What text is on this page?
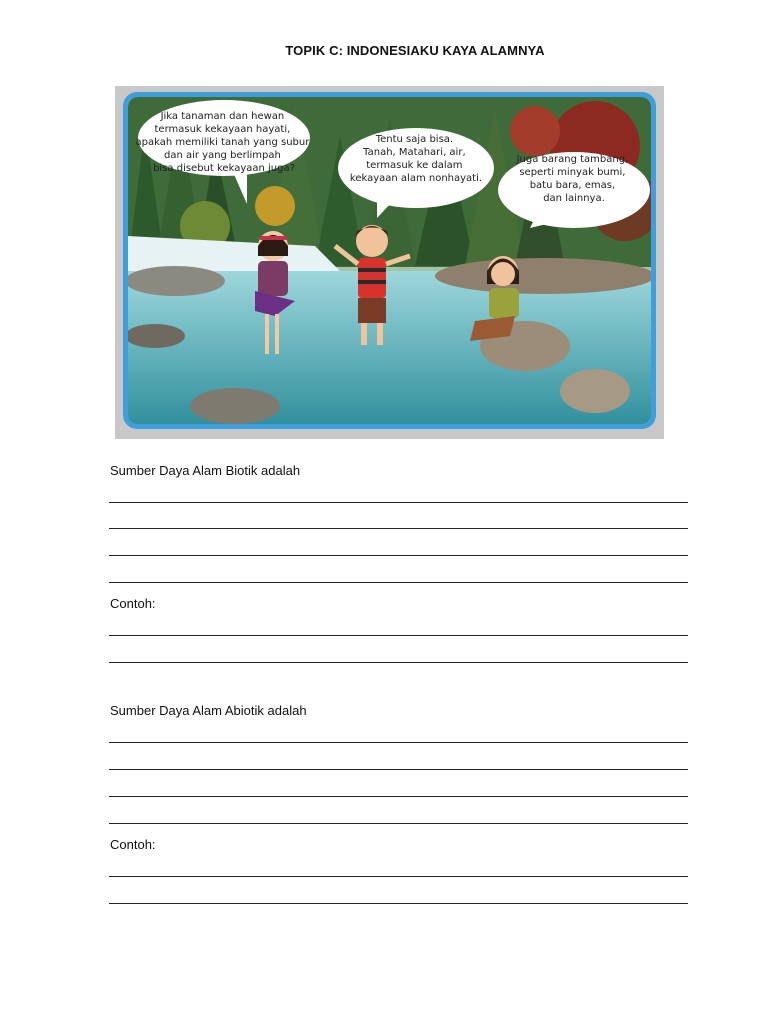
TOPIK C: INDONESIAKU KAYA ALAMNYA
Jika tanaman dan hewan termasuk kekayaan hayati, apakah memiliki tanah yang subur dan air yang berlimpah bisa disebut kekayaan juga?
Tentu saja bisa. Tanah, Matahari, air, termasuk ke dalam kekayaan alam nonhayati.
Juga barang tambang, seperti minyak bumi, batu bara, emas, dan lainnya.
Sumber Daya Alam Biotik adalah
Contoh:
Sumber Daya Alam Abiotik adalah
Contoh:
